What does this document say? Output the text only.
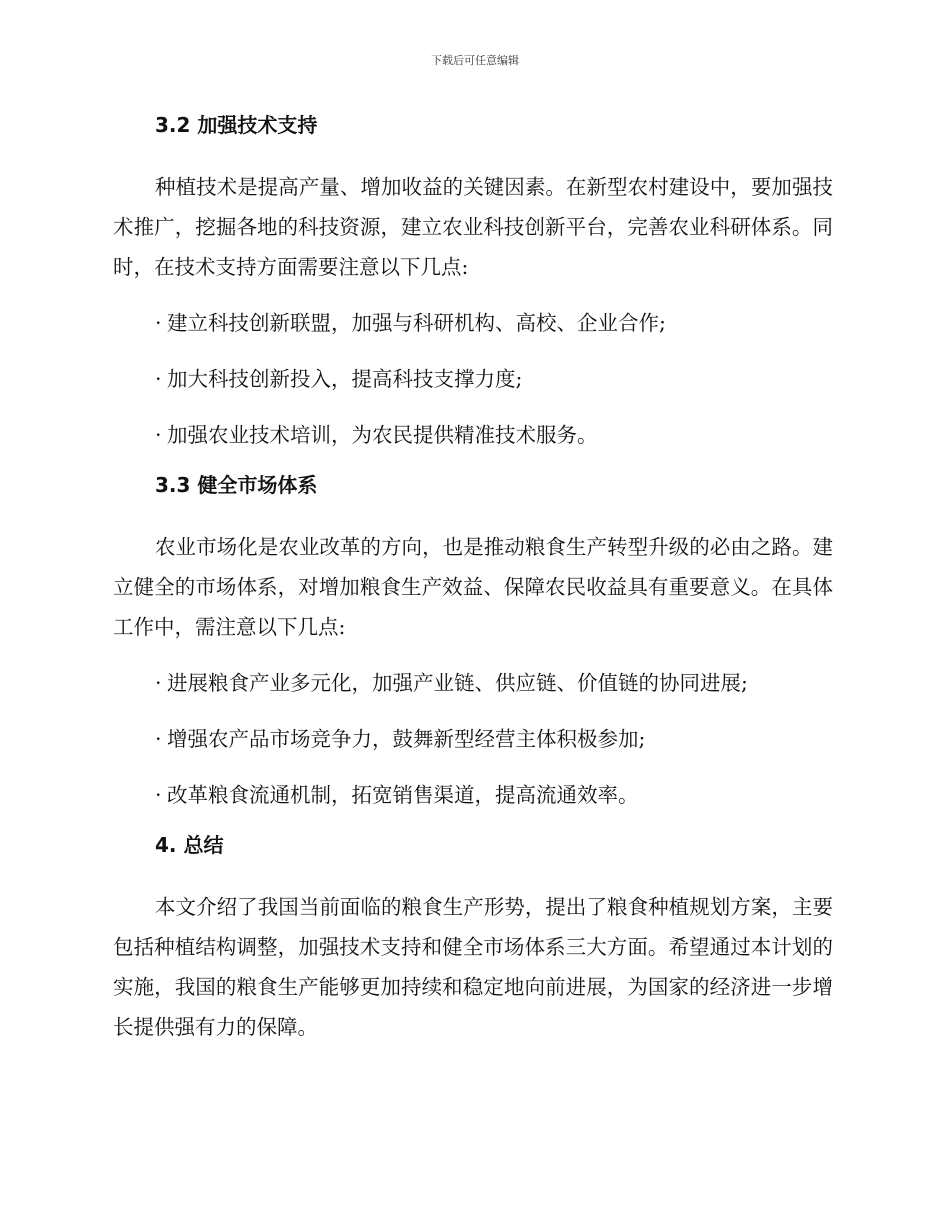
下载后可任意编辑
3.2 加强技术支持
种植技术是提高产量、增加收益的关键因素。在新型农村建设中，要加强技术推广，挖掘各地的科技资源，建立农业科技创新平台，完善农业科研体系。同时，在技术支持方面需要注意以下几点:
· 建立科技创新联盟，加强与科研机构、高校、企业合作;
· 加大科技创新投入，提高科技支撑力度;
· 加强农业技术培训，为农民提供精准技术服务。
3.3 健全市场体系
农业市场化是农业改革的方向，也是推动粮食生产转型升级的必由之路。建立健全的市场体系，对增加粮食生产效益、保障农民收益具有重要意义。在具体工作中，需注意以下几点:
· 进展粮食产业多元化，加强产业链、供应链、价值链的协同进展;
· 增强农产品市场竞争力，鼓舞新型经营主体积极参加;
· 改革粮食流通机制，拓宽销售渠道，提高流通效率。
4. 总结
本文介绍了我国当前面临的粮食生产形势，提出了粮食种植规划方案，主要包括种植结构调整，加强技术支持和健全市场体系三大方面。希望通过本计划的实施，我国的粮食生产能够更加持续和稳定地向前进展，为国家的经济进一步增长提供强有力的保障。
